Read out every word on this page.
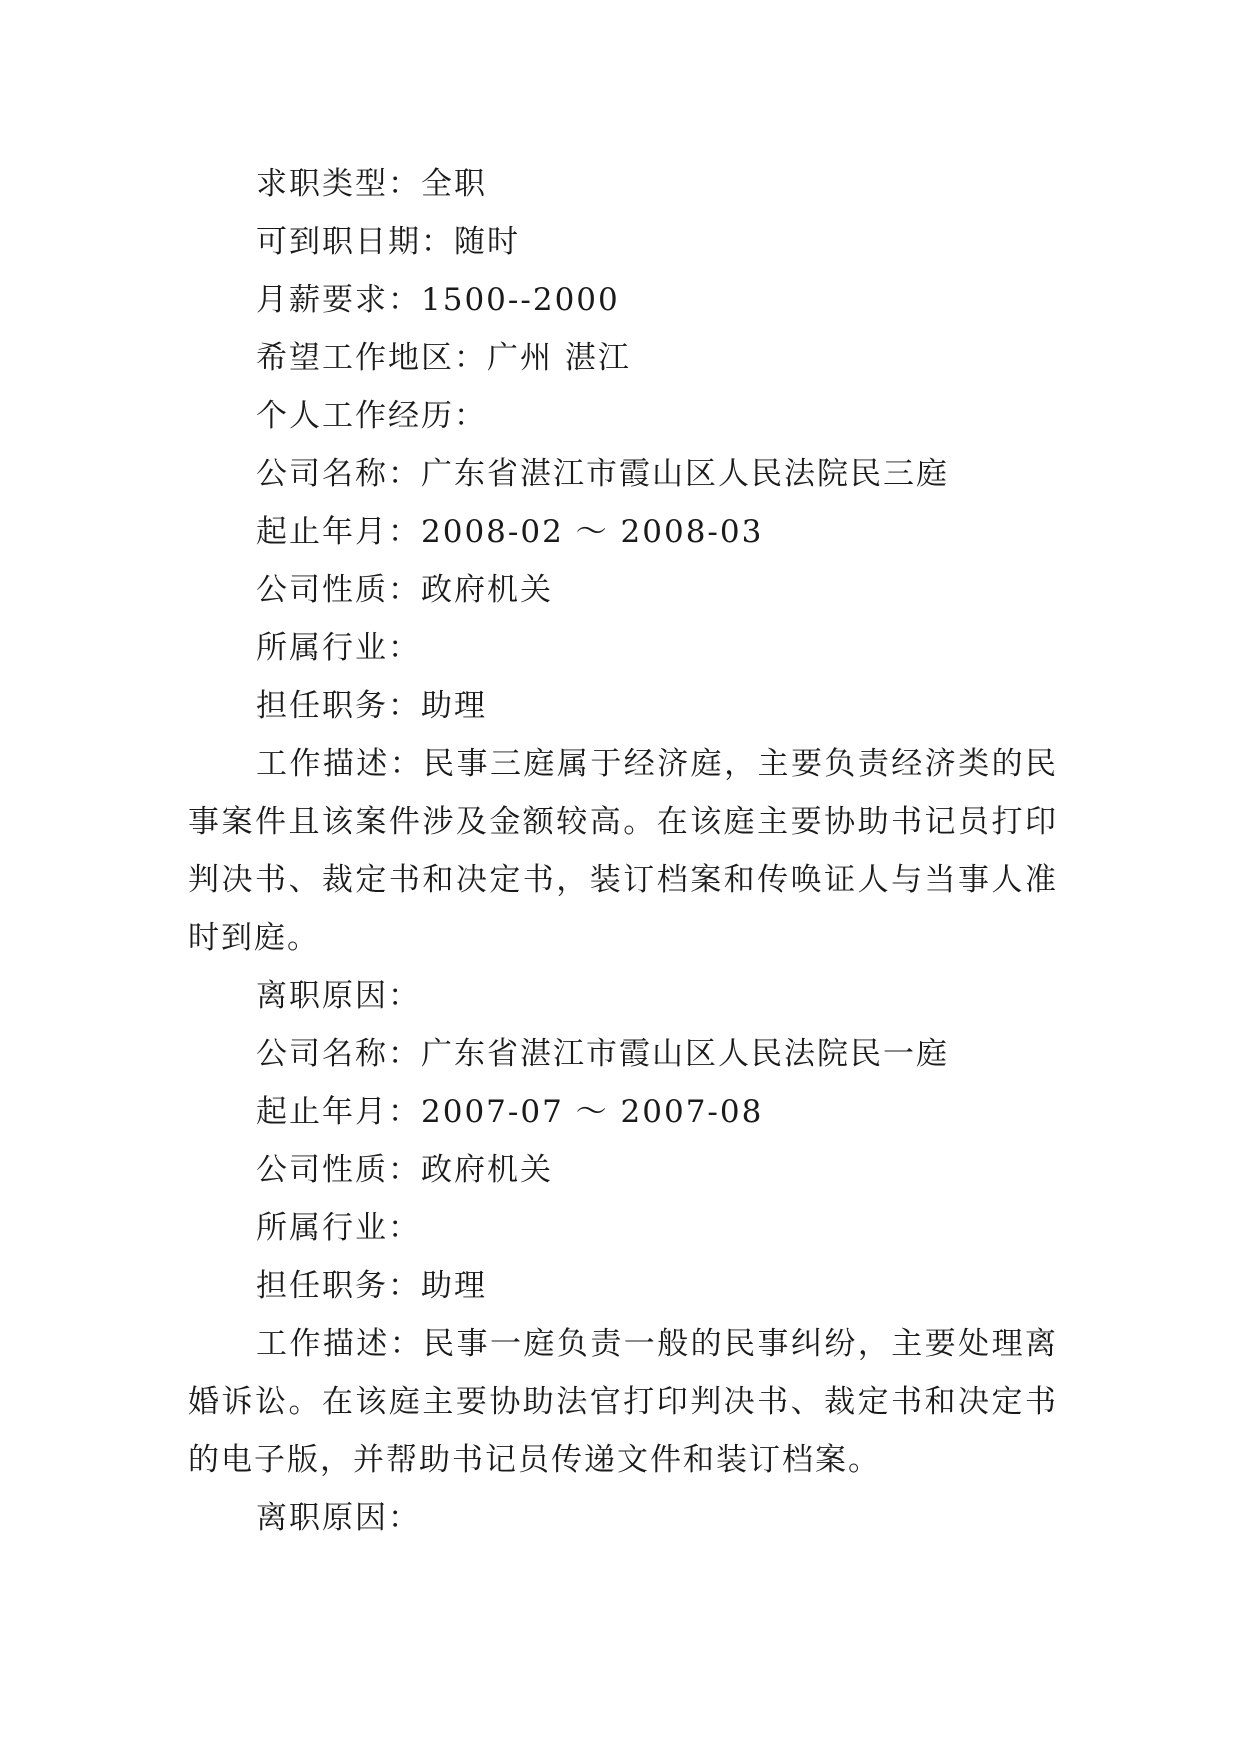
求职类型：全职
可到职日期：随时
月薪要求：1500--2000
希望工作地区：广州 湛江
个人工作经历：
公司名称：广东省湛江市霞山区人民法院民三庭
起止年月：2008-02 ～ 2008-03
公司性质：政府机关
所属行业：
担任职务：助理

工作描述：民事三庭属于经济庭，主要负责经济类的民事案件且该案件涉及金额较高。在该庭主要协助书记员打印判决书、裁定书和决定书，装订档案和传唤证人与当事人准时到庭。

离职原因：
公司名称：广东省湛江市霞山区人民法院民一庭
起止年月：2007-07 ～ 2007-08
公司性质：政府机关
所属行业：
担任职务：助理

工作描述：民事一庭负责一般的民事纠纷，主要处理离婚诉讼。在该庭主要协助法官打印判决书、裁定书和决定书的电子版，并帮助书记员传递文件和装订档案。

离职原因：
